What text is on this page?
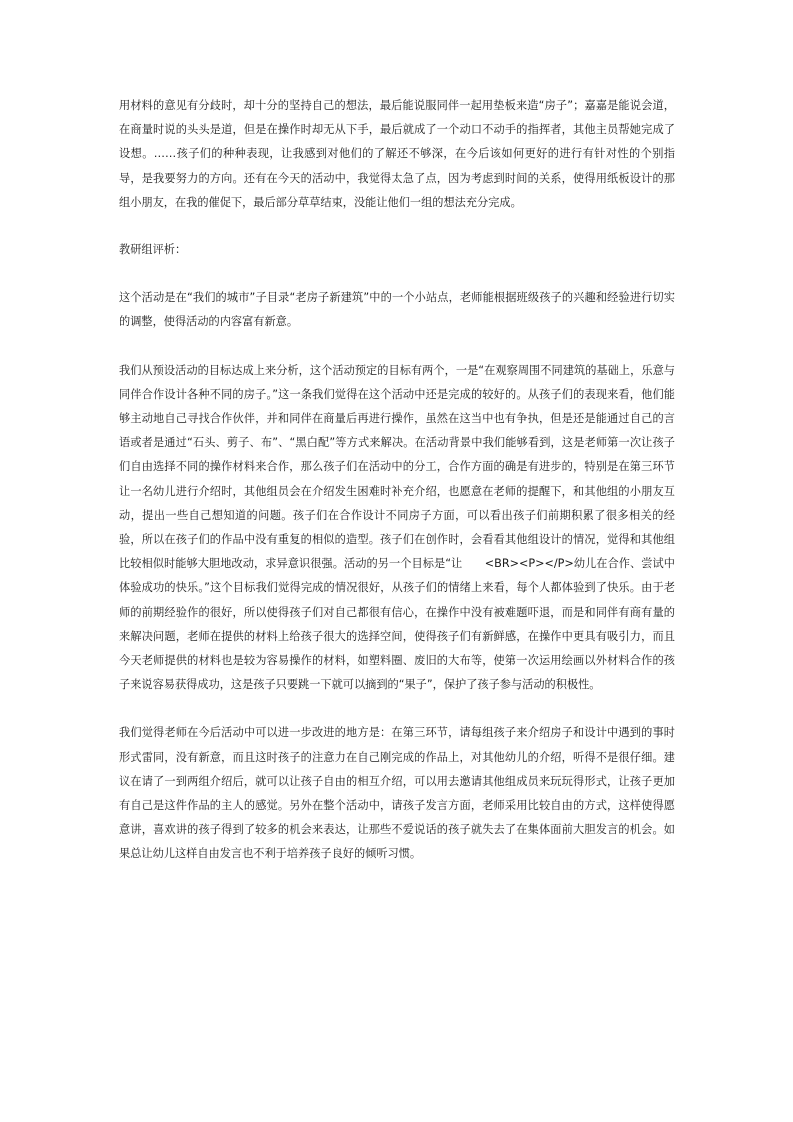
用材料的意见有分歧时，却十分的坚持自己的想法，最后能说服同伴一起用垫板来造“房子”；嘉嘉是能说会道，在商量时说的头头是道，但是在操作时却无从下手，最后就成了一个动口不动手的指挥者，其他主员帮她完成了设想。……孩子们的种种表现，让我感到对他们的了解还不够深，在今后该如何更好的进行有针对性的个别指导，是我要努力的方向。还有在今天的活动中，我觉得太急了点，因为考虑到时间的关系，使得用纸板设计的那组小朋友，在我的催促下，最后部分草草结束，没能让他们一组的想法充分完成。

教研组评析：

这个活动是在“我们的城市”子目录“老房子新建筑”中的一个小站点，老师能根据班级孩子的兴趣和经验进行切实的调整，使得活动的内容富有新意。

我们从预设活动的目标达成上来分析，这个活动预定的目标有两个，一是“在观察周围不同建筑的基础上，乐意与同伴合作设计各种不同的房子。”这一条我们觉得在这个活动中还是完成的较好的。从孩子们的表现来看，他们能够主动地自己寻找合作伙伴，并和同伴在商量后再进行操作，虽然在这当中也有争执，但是还是能通过自己的言语或者是通过“石头、剪子、布”、“黑白配”等方式来解决。在活动背景中我们能够看到，这是老师第一次让孩子们自由选择不同的操作材料来合作，那么孩子们在活动中的分工，合作方面的确是有进步的，特别是在第三环节让一名幼儿进行介绍时，其他组员会在介绍发生困难时补充介绍，也愿意在老师的提醒下，和其他组的小朋友互动，提出一些自己想知道的问题。孩子们在合作设计不同房子方面，可以看出孩子们前期积累了很多相关的经验，所以在孩子们的作品中没有重复的相似的造型。孩子们在创作时，会看看其他组设计的情况，觉得和其他组比较相似时能够大胆地改动，求异意识很强。活动的另一个目标是“让　　<BR><P></P>幼儿在合作、尝试中体验成功的快乐。”这个目标我们觉得完成的情况很好，从孩子们的情绪上来看，每个人都体验到了快乐。由于老师的前期经验作的很好，所以使得孩子们对自己都很有信心，在操作中没有被难题吓退，而是和同伴有商有量的来解决问题，老师在提供的材料上给孩子很大的选择空间，使得孩子们有新鲜感，在操作中更具有吸引力，而且今天老师提供的材料也是较为容易操作的材料，如塑料圈、废旧的大布等，使第一次运用绘画以外材料合作的孩子来说容易获得成功，这是孩子只要跳一下就可以摘到的“果子”，保护了孩子参与活动的积极性。

我们觉得老师在今后活动中可以进一步改进的地方是：在第三环节，请每组孩子来介绍房子和设计中遇到的事时形式雷同，没有新意，而且这时孩子的注意力在自己刚完成的作品上，对其他幼儿的介绍，听得不是很仔细。建议在请了一到两组介绍后，就可以让孩子自由的相互介绍，可以用去邀请其他组成员来玩玩得形式，让孩子更加有自己是这件作品的主人的感觉。另外在整个活动中，请孩子发言方面，老师采用比较自由的方式，这样使得愿意讲，喜欢讲的孩子得到了较多的机会来表达，让那些不爱说话的孩子就失去了在集体面前大胆发言的机会。如果总让幼儿这样自由发言也不利于培养孩子良好的倾听习惯。
